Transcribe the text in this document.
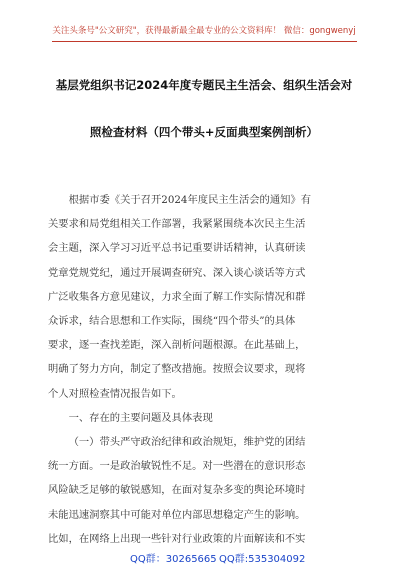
关注头条号"公文研究"，获得最新最全最专业的公文资料库！ 微信：gongwenyj
基层党组织书记2024年度专题民主生活会、组织生活会对
照检查材料（四个带头+反面典型案例剖析）

根据市委《关于召开2024年度民主生活会的通知》有
关要求和局党组相关工作部署，我紧紧围绕本次民主生活
会主题，深入学习习近平总书记重要讲话精神，认真研读
党章党规党纪，通过开展调查研究、深入谈心谈话等方式
广泛收集各方意见建议，力求全面了解工作实际情况和群
众诉求，结合思想和工作实际，围绕“四个带头”的具体
要求，逐一查找差距，深入剖析问题根源。在此基础上，
明确了努力方向，制定了整改措施。按照会议要求，现将
个人对照检查情况报告如下。

一、存在的主要问题及具体表现

（一）带头严守政治纪律和政治规矩，维护党的团结
统一方面。一是政治敏锐性不足。对一些潜在的意识形态
风险缺乏足够的敏锐感知，在面对复杂多变的舆论环境时
未能迅速洞察其中可能对单位内部思想稳定产生的影响。
比如，在网络上出现一些针对行业政策的片面解读和不实

QQ群：30265665 QQ群:535304092
